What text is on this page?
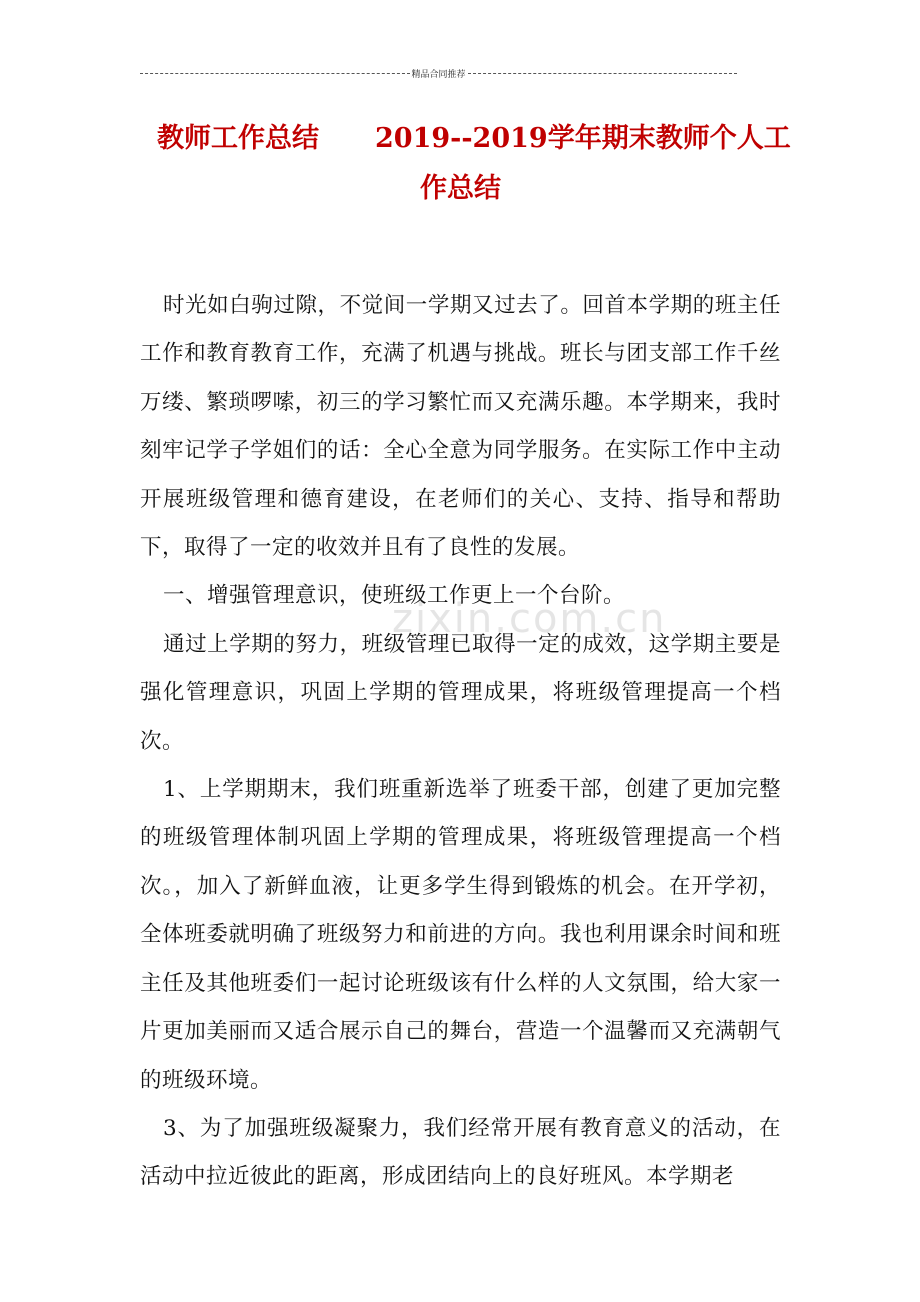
精品合同推荐
教师工作总结 2019--2019学年期末教师个人工
作总结
zixin.com.cn

时光如白驹过隙，不觉间一学期又过去了。回首本学期的班主任工作和教育教育工作，充满了机遇与挑战。班长与团支部工作千丝万缕、繁琐啰嗦，初三的学习繁忙而又充满乐趣。本学期来，我时刻牢记学子学姐们的话：全心全意为同学服务。在实际工作中主动开展班级管理和德育建设，在老师们的关心、支持、指导和帮助下，取得了一定的收效并且有了良性的发展。

一、增强管理意识，使班级工作更上一个台阶。

通过上学期的努力，班级管理已取得一定的成效，这学期主要是强化管理意识，巩固上学期的管理成果，将班级管理提高一个档次。

1、上学期期末，我们班重新选举了班委干部，创建了更加完整的班级管理体制巩固上学期的管理成果，将班级管理提高一个档次。，加入了新鲜血液，让更多学生得到锻炼的机会。在开学初，全体班委就明确了班级努力和前进的方向。我也利用课余时间和班主任及其他班委们一起讨论班级该有什么样的人文氛围，给大家一片更加美丽而又适合展示自己的舞台，营造一个温馨而又充满朝气的班级环境。

3、为了加强班级凝聚力，我们经常开展有教育意义的活动，在活动中拉近彼此的距离，形成团结向上的良好班风。本学期老
